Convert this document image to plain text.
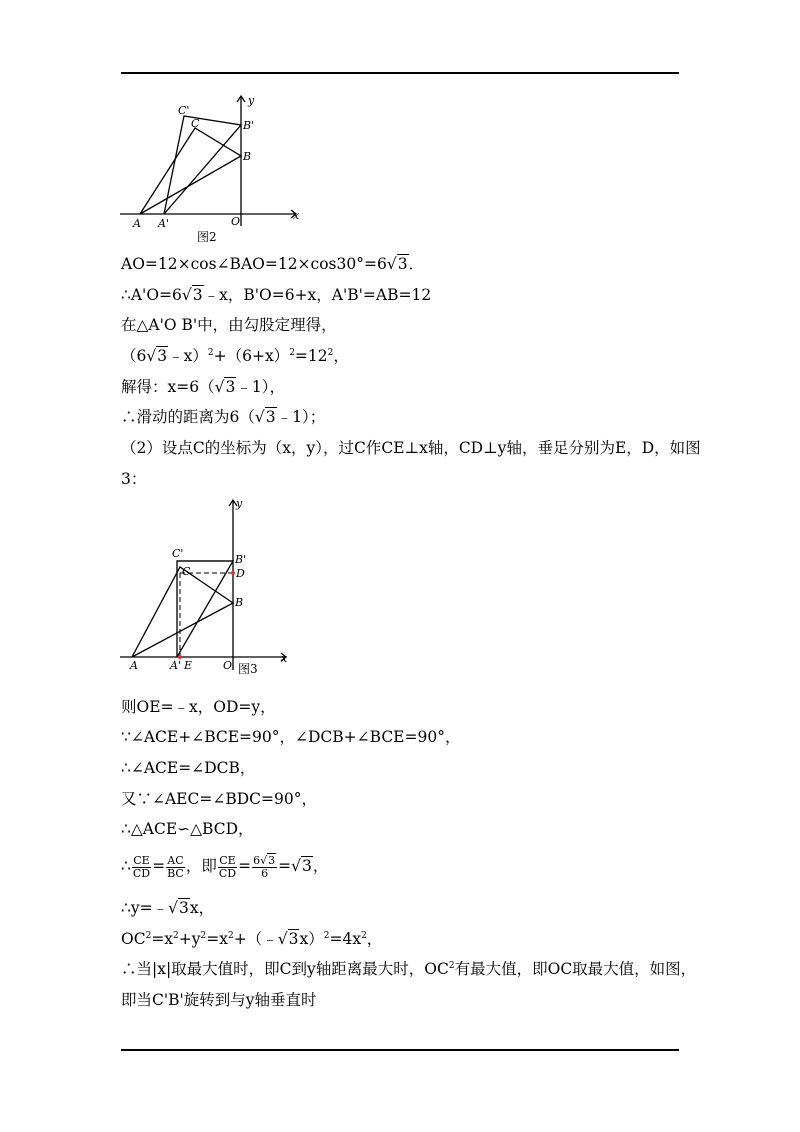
y
x
A A'	O
B
B'
C
C'
图2
AO=12×cos∠BAO=12×cos30°=6√3．
∴A'O=6√3﹣x，B'O=6+x，A'B'=AB=12
在△A'O B'中，由勾股定理得，
$(6√3﹣x)^2+(6+x)^2=12^2$，
解得：x=6（√3﹣1），
∴滑动的距离为6（√3﹣1）；
（2）设点C的坐标为（x，y），过C作CE⊥x轴，CD⊥y轴，垂足分别为E，D，如图
3：
y
x
A	A' E	O
B
B'
C
C'
D
图3
则OE=﹣x，OD=y，
∵∠ACE+∠BCE=90°，∠DCB+∠BCE=90°，
∴∠ACE=∠DCB，
又∵∠AEC=∠BDC=90°，
∴△ACE∽△BCD，
∴ $\frac{CE}{CD} = \frac{AC}{BC}$ ，即 $\frac{CE}{CD} = \frac{6√3}{6} =√3$，
∴y=﹣√3x，
$OC^2=x^2+y^2=x^2+(﹣√3x)^2=4x^2$，
∴当|x|取最大值时，即C到y轴距离最大时，$OC^2$有最大值，即OC取最大值，如图，
即当C'B'旋转到与y轴垂直时
